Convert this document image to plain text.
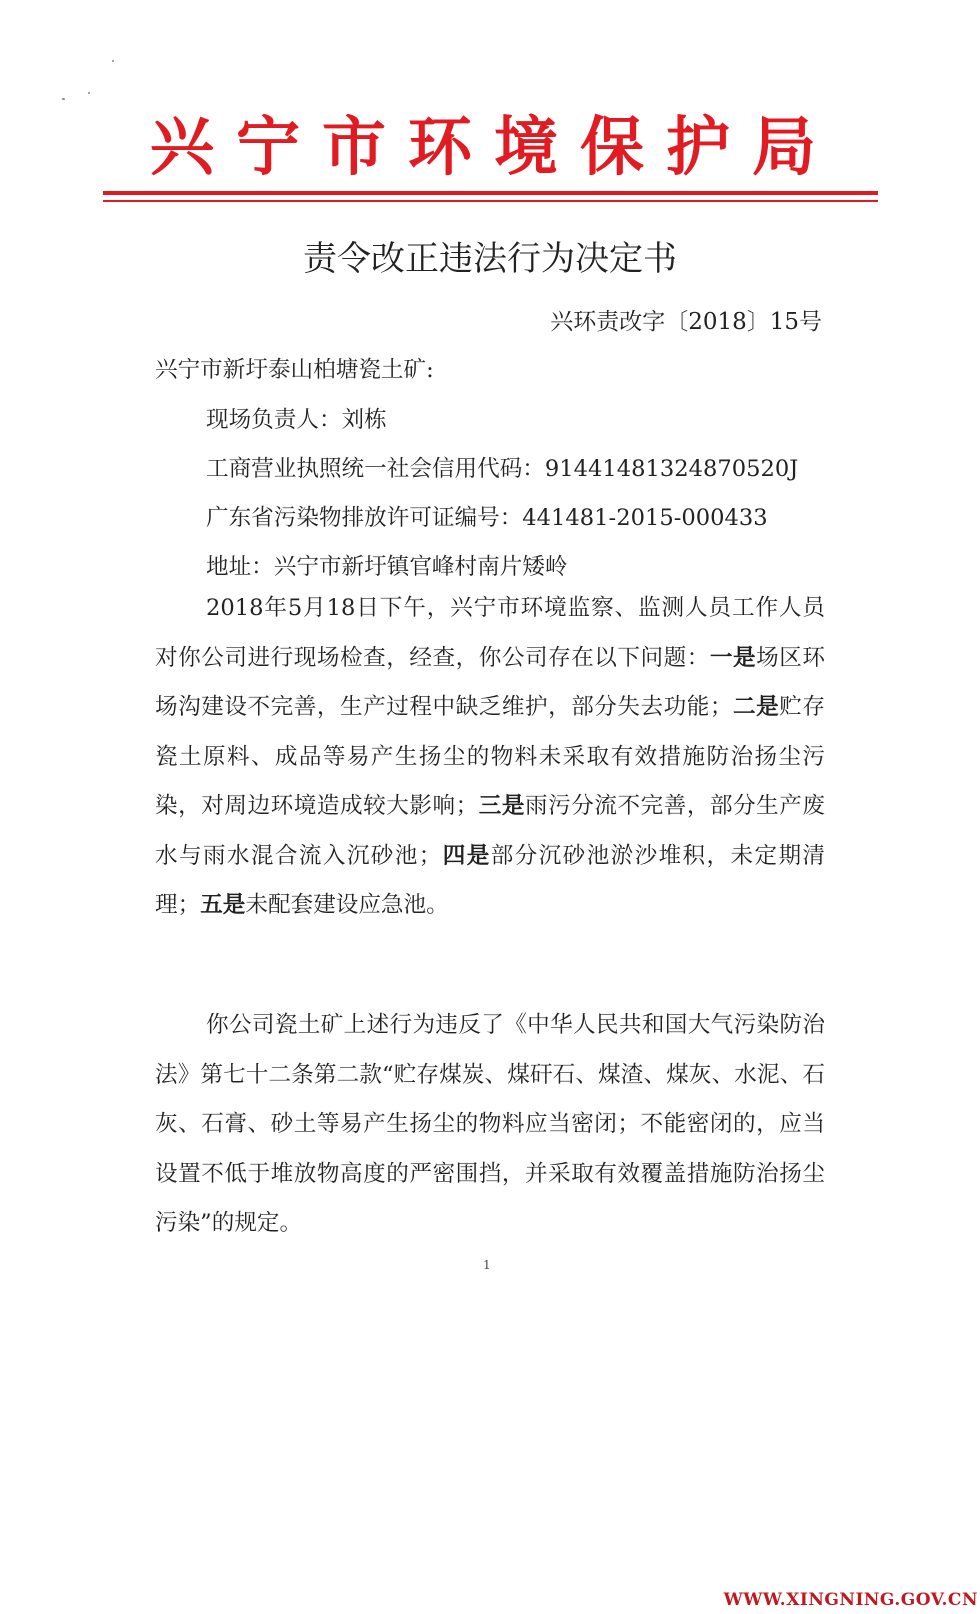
兴宁市环境保护局
责令改正违法行为决定书
兴环责改字〔2018〕15号
兴宁市新圩泰山柏塘瓷土矿:
现场负责人：刘栋
工商营业执照统一社会信用代码：91441481324870520J
广东省污染物排放许可证编号：441481-2015-000433
地址：兴宁市新圩镇官峰村南片矮岭
2018年5月18日下午，兴宁市环境监察、监测人员工作人员对你公司进行现场检查，经查，你公司存在以下问题：一是场区环场沟建设不完善，生产过程中缺乏维护，部分失去功能；二是贮存瓷土原料、成品等易产生扬尘的物料未采取有效措施防治扬尘污染，对周边环境造成较大影响；三是雨污分流不完善，部分生产废水与雨水混合流入沉砂池；四是部分沉砂池淤沙堆积，未定期清理；五是未配套建设应急池。
你公司瓷土矿上述行为违反了《中华人民共和国大气污染防治法》第七十二条第二款“贮存煤炭、煤矸石、煤渣、煤灰、水泥、石灰、石膏、砂土等易产生扬尘的物料应当密闭；不能密闭的，应当设置不低于堆放物高度的严密围挡，并采取有效覆盖措施防治扬尘污染”的规定。
1
WWW.XINGNING.GOV.CN
